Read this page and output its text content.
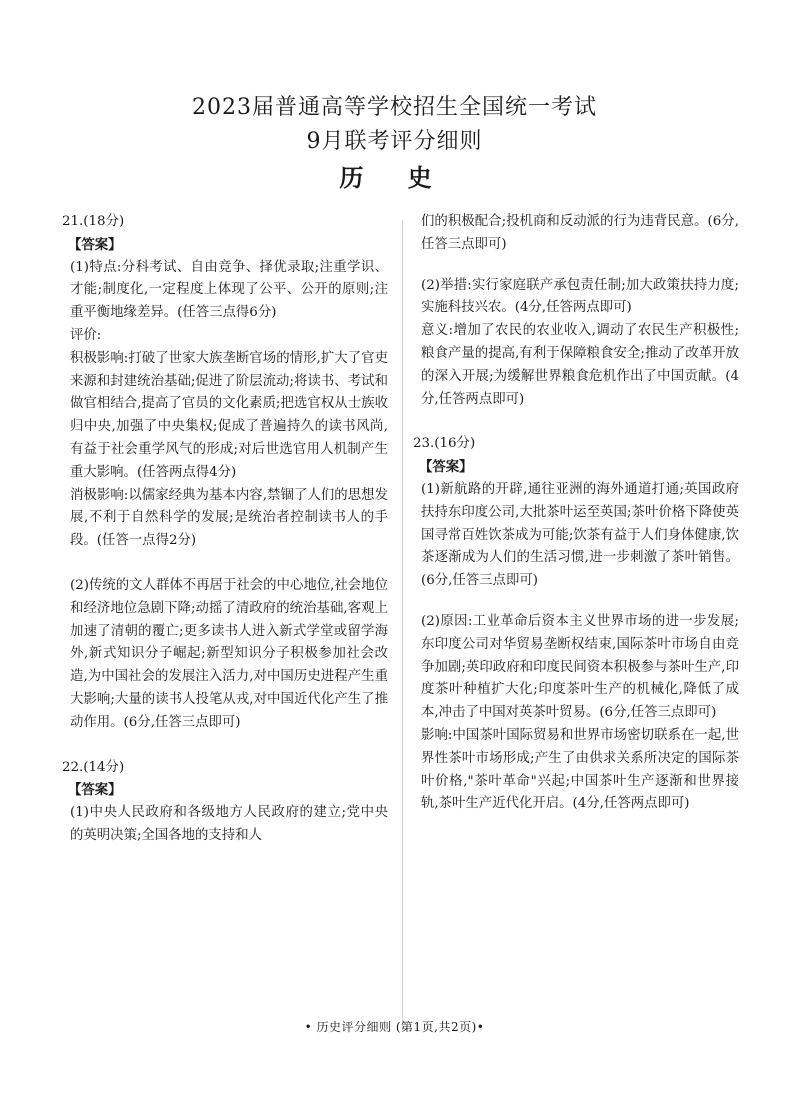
2023届普通高等学校招生全国统一考试
9月联考评分细则
历 史
21.(18分)
【答案】
(1)特点:分科考试、自由竞争、择优录取;注重学识、才能;制度化,一定程度上体现了公平、公开的原则;注重平衡地缘差异。(任答三点得6分)
评价:
积极影响:打破了世家大族垄断官场的情形,扩大了官吏来源和封建统治基础;促进了阶层流动;将读书、考试和做官相结合,提高了官员的文化素质;把选官权从士族收归中央,加强了中央集权;促成了普遍持久的读书风尚,有益于社会重学风气的形成;对后世选官用人机制产生重大影响。(任答两点得4分)
消极影响:以儒家经典为基本内容,禁锢了人们的思想发展,不利于自然科学的发展;是统治者控制读书人的手段。(任答一点得2分)
(2)传统的文人群体不再居于社会的中心地位,社会地位和经济地位急剧下降;动摇了清政府的统治基础,客观上加速了清朝的覆亡;更多读书人进入新式学堂或留学海外,新式知识分子崛起;新型知识分子积极参加社会改造,为中国社会的发展注入活力,对中国历史进程产生重大影响;大量的读书人投笔从戎,对中国近代化产生了推动作用。(6分,任答三点即可)
22.(14分)
【答案】
(1)中央人民政府和各级地方人民政府的建立;党中央的英明决策;全国各地的支持和人
们的积极配合;投机商和反动派的行为违背民意。(6分,任答三点即可)
(2)举措:实行家庭联产承包责任制;加大政策扶持力度;实施科技兴农。(4分,任答两点即可)
意义:增加了农民的农业收入,调动了农民生产积极性;粮食产量的提高,有利于保障粮食安全;推动了改革开放的深入开展;为缓解世界粮食危机作出了中国贡献。(4分,任答两点即可)
23.(16分)
【答案】
(1)新航路的开辟,通往亚洲的海外通道打通;英国政府扶持东印度公司,大批茶叶运至英国;茶叶价格下降使英国寻常百姓饮茶成为可能;饮茶有益于人们身体健康,饮茶逐渐成为人们的生活习惯,进一步刺激了茶叶销售。(6分,任答三点即可)
(2)原因:工业革命后资本主义世界市场的进一步发展;东印度公司对华贸易垄断权结束,国际茶叶市场自由竞争加剧;英印政府和印度民间资本积极参与茶叶生产,印度茶叶种植扩大化;印度茶叶生产的机械化,降低了成本,冲击了中国对英茶叶贸易。(6分,任答三点即可)
影响:中国茶叶国际贸易和世界市场密切联系在一起,世界性茶叶市场形成;产生了由供求关系所决定的国际茶叶价格,"茶叶革命"兴起;中国茶叶生产逐渐和世界接轨,茶叶生产近代化开启。(4分,任答两点即可)
• 历史评分细则 (第1页,共2页)•
